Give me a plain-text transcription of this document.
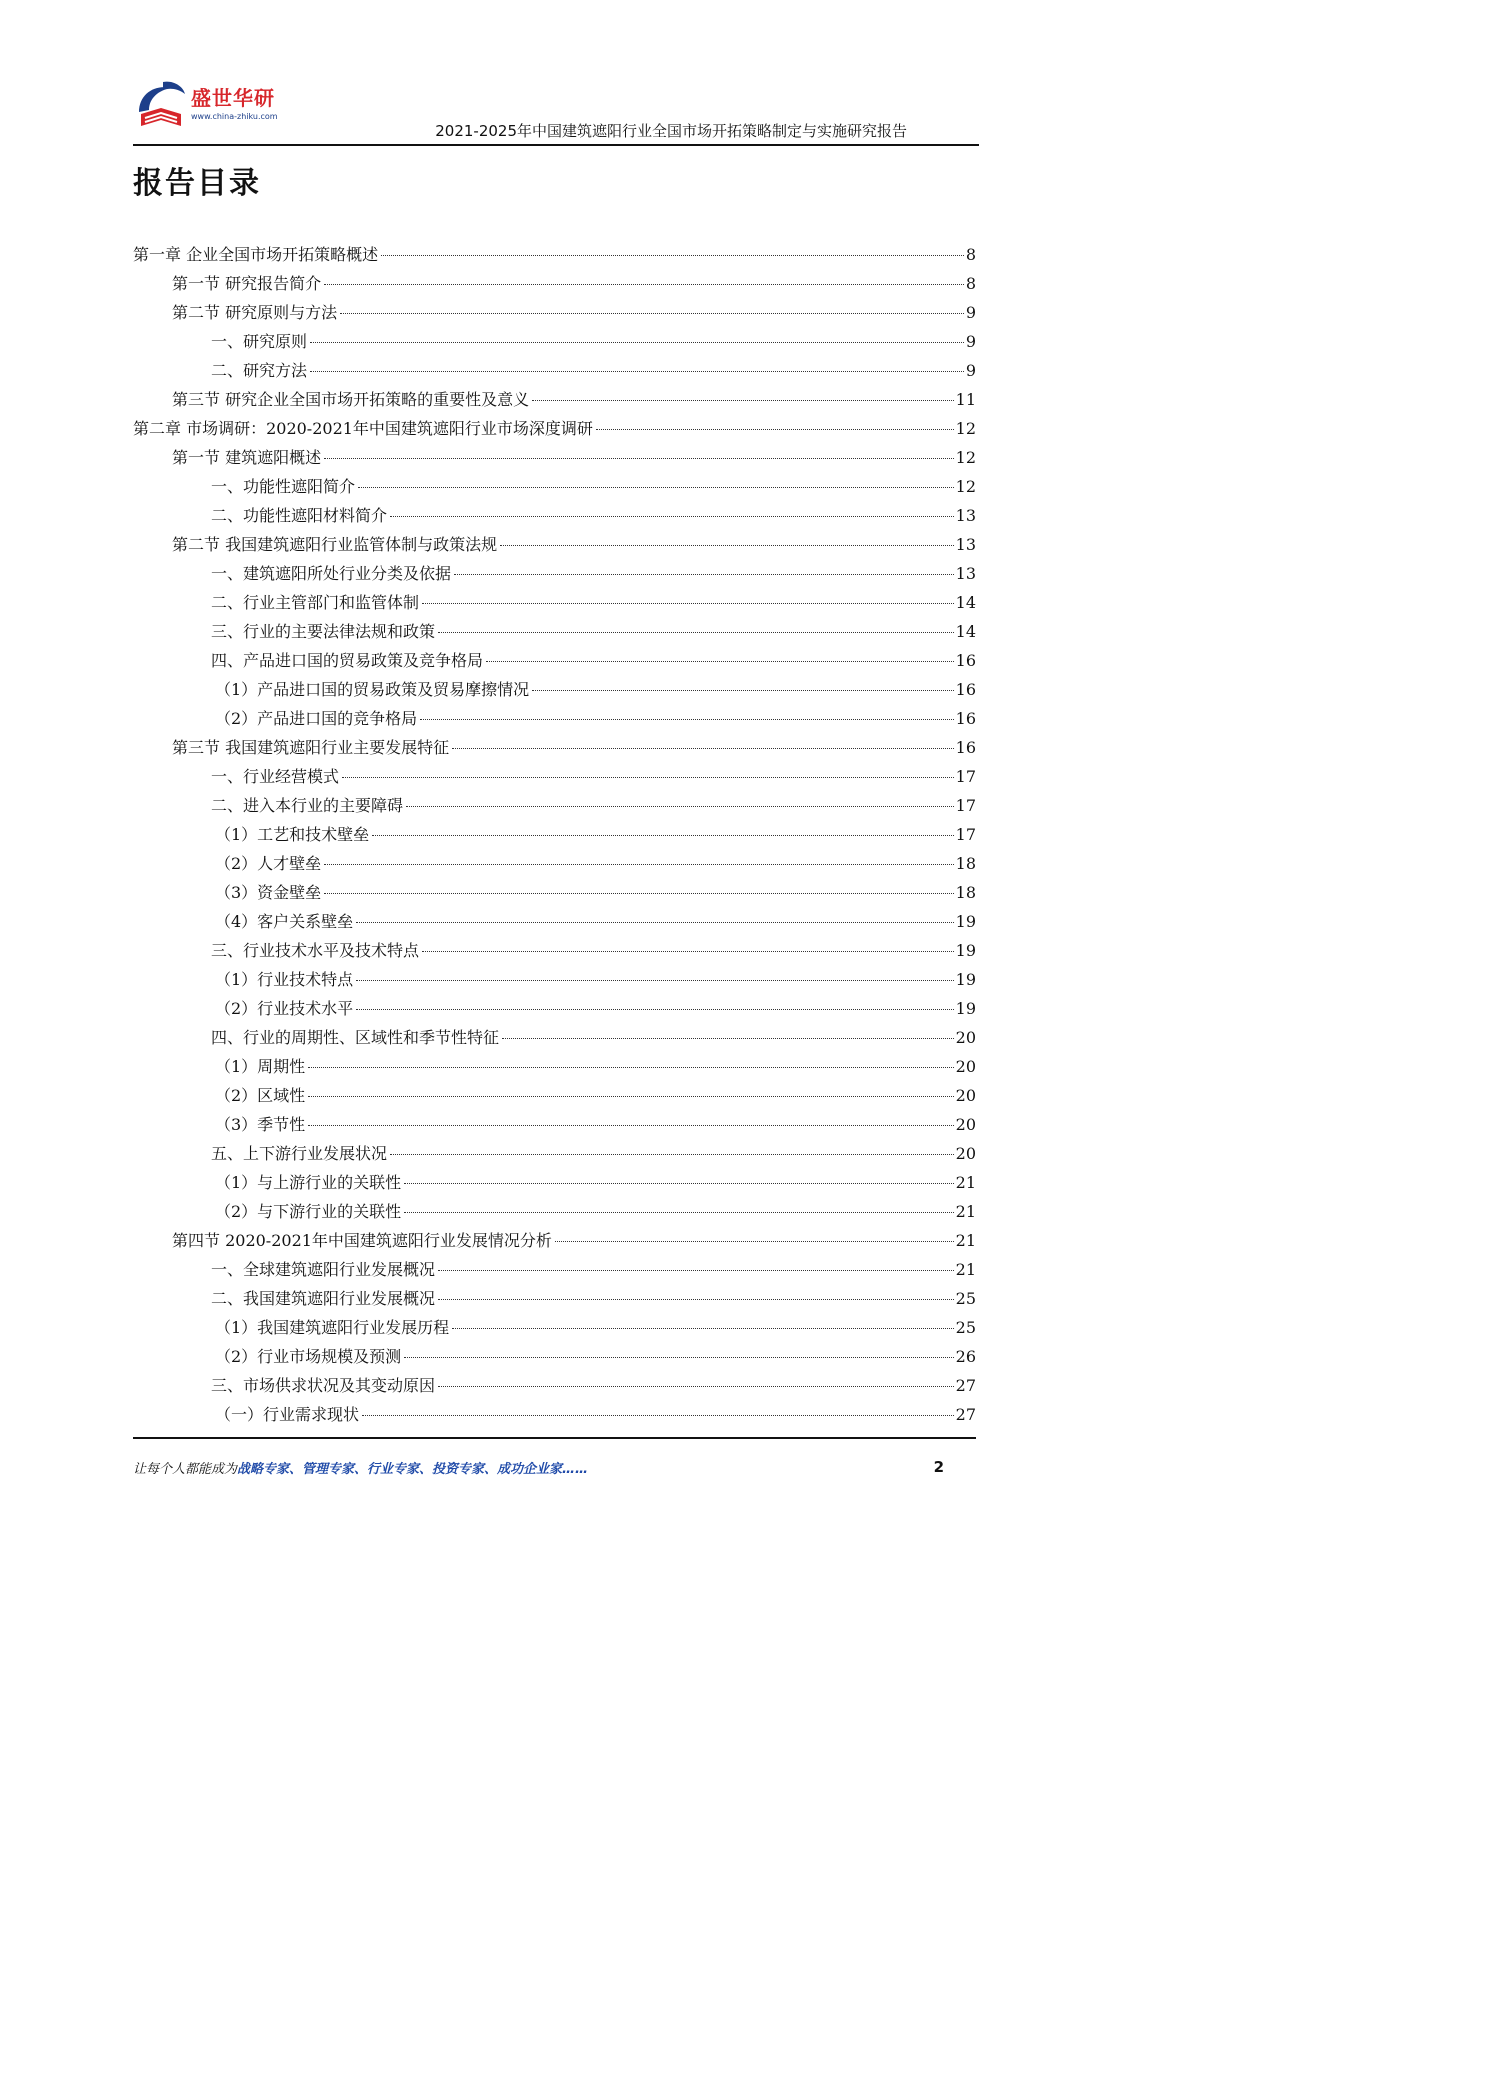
盛世华研
www.china-zhiku.com
2021-2025年中国建筑遮阳行业全国市场开拓策略制定与实施研究报告
报告目录
第一章 企业全国市场开拓策略概述	8
第一节 研究报告简介	8
第二节 研究原则与方法	9
一、研究原则	9
二、研究方法	9
第三节 研究企业全国市场开拓策略的重要性及意义	11
第二章 市场调研：2020-2021年中国建筑遮阳行业市场深度调研	12
第一节 建筑遮阳概述	12
一、功能性遮阳简介	12
二、功能性遮阳材料简介	13
第二节 我国建筑遮阳行业监管体制与政策法规	13
一、建筑遮阳所处行业分类及依据	13
二、行业主管部门和监管体制	14
三、行业的主要法律法规和政策	14
四、产品进口国的贸易政策及竞争格局	16
（1）产品进口国的贸易政策及贸易摩擦情况	16
（2）产品进口国的竞争格局	16
第三节 我国建筑遮阳行业主要发展特征	16
一、行业经营模式	17
二、进入本行业的主要障碍	17
（1）工艺和技术壁垒	17
（2）人才壁垒	18
（3）资金壁垒	18
（4）客户关系壁垒	19
三、行业技术水平及技术特点	19
（1）行业技术特点	19
（2）行业技术水平	19
四、行业的周期性、区域性和季节性特征	20
（1）周期性	20
（2）区域性	20
（3）季节性	20
五、上下游行业发展状况	20
（1）与上游行业的关联性	21
（2）与下游行业的关联性	21
第四节 2020-2021年中国建筑遮阳行业发展情况分析	21
一、全球建筑遮阳行业发展概况	21
二、我国建筑遮阳行业发展概况	25
（1）我国建筑遮阳行业发展历程	25
（2）行业市场规模及预测	26
三、市场供求状况及其变动原因	27
（一）行业需求现状	27
让每个人都能成为战略专家、管理专家、行业专家、投资专家、成功企业家……	2
